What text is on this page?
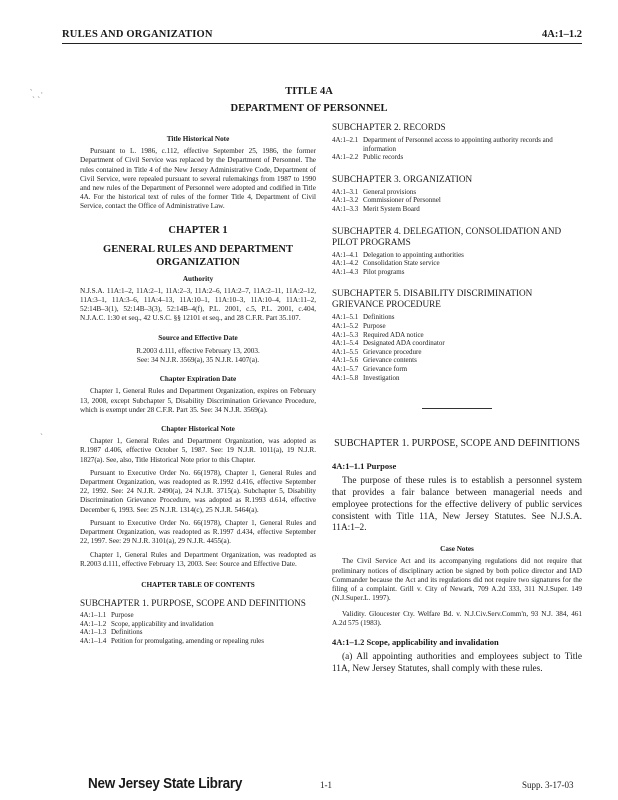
RULES AND ORGANIZATION	4A:1–1.2
‵ˎ ˏ·
ˏ
TITLE 4A
DEPARTMENT OF PERSONNEL
Title Historical Note

Pursuant to L. 1986, c.112, effective September 25, 1986, the former Department of Civil Service was replaced by the Department of Personnel. The rules contained in Title 4 of the New Jersey Administrative Code, Department of Civil Service, were repealed pursuant to several rulemakings from 1987 to 1990 and new rules of the Department of Personnel were adopted and codified in Title 4A. For the historical text of rules of the former Title 4, Department of Civil Service, contact the Office of Administrative Law.

CHAPTER 1
GENERAL RULES AND DEPARTMENT ORGANIZATION
Authority

N.J.S.A. 11A:1–2, 11A:2–1, 11A:2–3, 11A:2–6, 11A:2–7, 11A:2–11, 11A:2–12, 11A:3–1, 11A:3–6, 11A:4–13, 11A:10–1, 11A:10–3, 11A:10–4, 11A:11–2, 52:14B–3(1), 52:14B–3(3), 52:14B–4(f), P.L. 2001, c.5, P.L. 2001, c.404, N.J.A.C. 1:30 et seq., 42 U.S.C. §§ 12101 et seq., and 28 C.F.R. Part 35.107.

Source and Effective Date
R.2003 d.111, effective February 13, 2003.
See: 34 N.J.R. 3569(a), 35 N.J.R. 1407(a).
Chapter Expiration Date

Chapter 1, General Rules and Department Organization, expires on February 13, 2008, except Subchapter 5, Disability Discrimination Grievance Procedure, which is exempt under 28 C.F.R. Part 35. See: 34 N.J.R. 3569(a).

Chapter Historical Note

Chapter 1, General Rules and Department Organization, was adopted as R.1987 d.406, effective October 5, 1987. See: 19 N.J.R. 1011(a), 19 N.J.R. 1827(a). See, also, Title Historical Note prior to this Chapter.

Pursuant to Executive Order No. 66(1978), Chapter 1, General Rules and Department Organization, was readopted as R.1992 d.416, effective September 22, 1992. See: 24 N.J.R. 2490(a), 24 N.J.R. 3715(a). Subchapter 5, Disability Discrimination Grievance Procedure, was adopted as R.1993 d.614, effective December 6, 1993. See: 25 N.J.R. 1314(c), 25 N.J.R. 5464(a).

Pursuant to Executive Order No. 66(1978), Chapter 1, General Rules and Department Organization, was readopted as R.1997 d.434, effective September 22, 1997. See: 29 N.J.R. 3101(a), 29 N.J.R. 4455(a).

Chapter 1, General Rules and Department Organization, was readopted as R.2003 d.111, effective February 13, 2003. See: Source and Effective Date.

CHAPTER TABLE OF CONTENTS
SUBCHAPTER 1. PURPOSE, SCOPE AND DEFINITIONS
4A:1–1.1 Purpose
4A:1–1.2 Scope, applicability and invalidation
4A:1–1.3 Definitions
4A:1–1.4 Petition for promulgating, amending or repealing rules
SUBCHAPTER 2. RECORDS
4A:1–2.1 Department of Personnel access to appointing authority records and information
4A:1–2.2 Public records
SUBCHAPTER 3. ORGANIZATION
4A:1–3.1 General provisions
4A:1–3.2 Commissioner of Personnel
4A:1–3.3 Merit System Board
SUBCHAPTER 4. DELEGATION, CONSOLIDATION AND PILOT PROGRAMS
4A:1–4.1 Delegation to appointing authorities
4A:1–4.2 Consolidation State service
4A:1–4.3 Pilot programs
SUBCHAPTER 5. DISABILITY DISCRIMINATION GRIEVANCE PROCEDURE
4A:1–5.1 Definitions
4A:1–5.2 Purpose
4A:1–5.3 Required ADA notice
4A:1–5.4 Designated ADA coordinator
4A:1–5.5 Grievance procedure
4A:1–5.6 Grievance contents
4A:1–5.7 Grievance form
4A:1–5.8 Investigation
SUBCHAPTER 1. PURPOSE, SCOPE AND DEFINITIONS
4A:1–1.1 Purpose

The purpose of these rules is to establish a personnel system that provides a fair balance between managerial needs and employee protections for the effective delivery of public services consistent with Title 11A, New Jersey Statutes. See N.J.S.A. 11A:1–2.

Case Notes

The Civil Service Act and its accompanying regulations did not require that preliminary notices of disciplinary action be signed by both police director and IAD Commander because the Act and its regulations did not require two signatures for the filing of a complaint. Grill v. City of Newark, 709 A.2d 333, 311 N.J.Super. 149 (N.J.Super.L. 1997).

Validity. Gloucester Cty. Welfare Bd. v. N.J.Civ.Serv.Comm'n, 93 N.J. 384, 461 A.2d 575 (1983).

4A:1–1.2 Scope, applicability and invalidation

(a) All appointing authorities and employees subject to Title 11A, New Jersey Statutes, shall comply with these rules.

New Jersey State Library	1-1	Supp. 3-17-03
